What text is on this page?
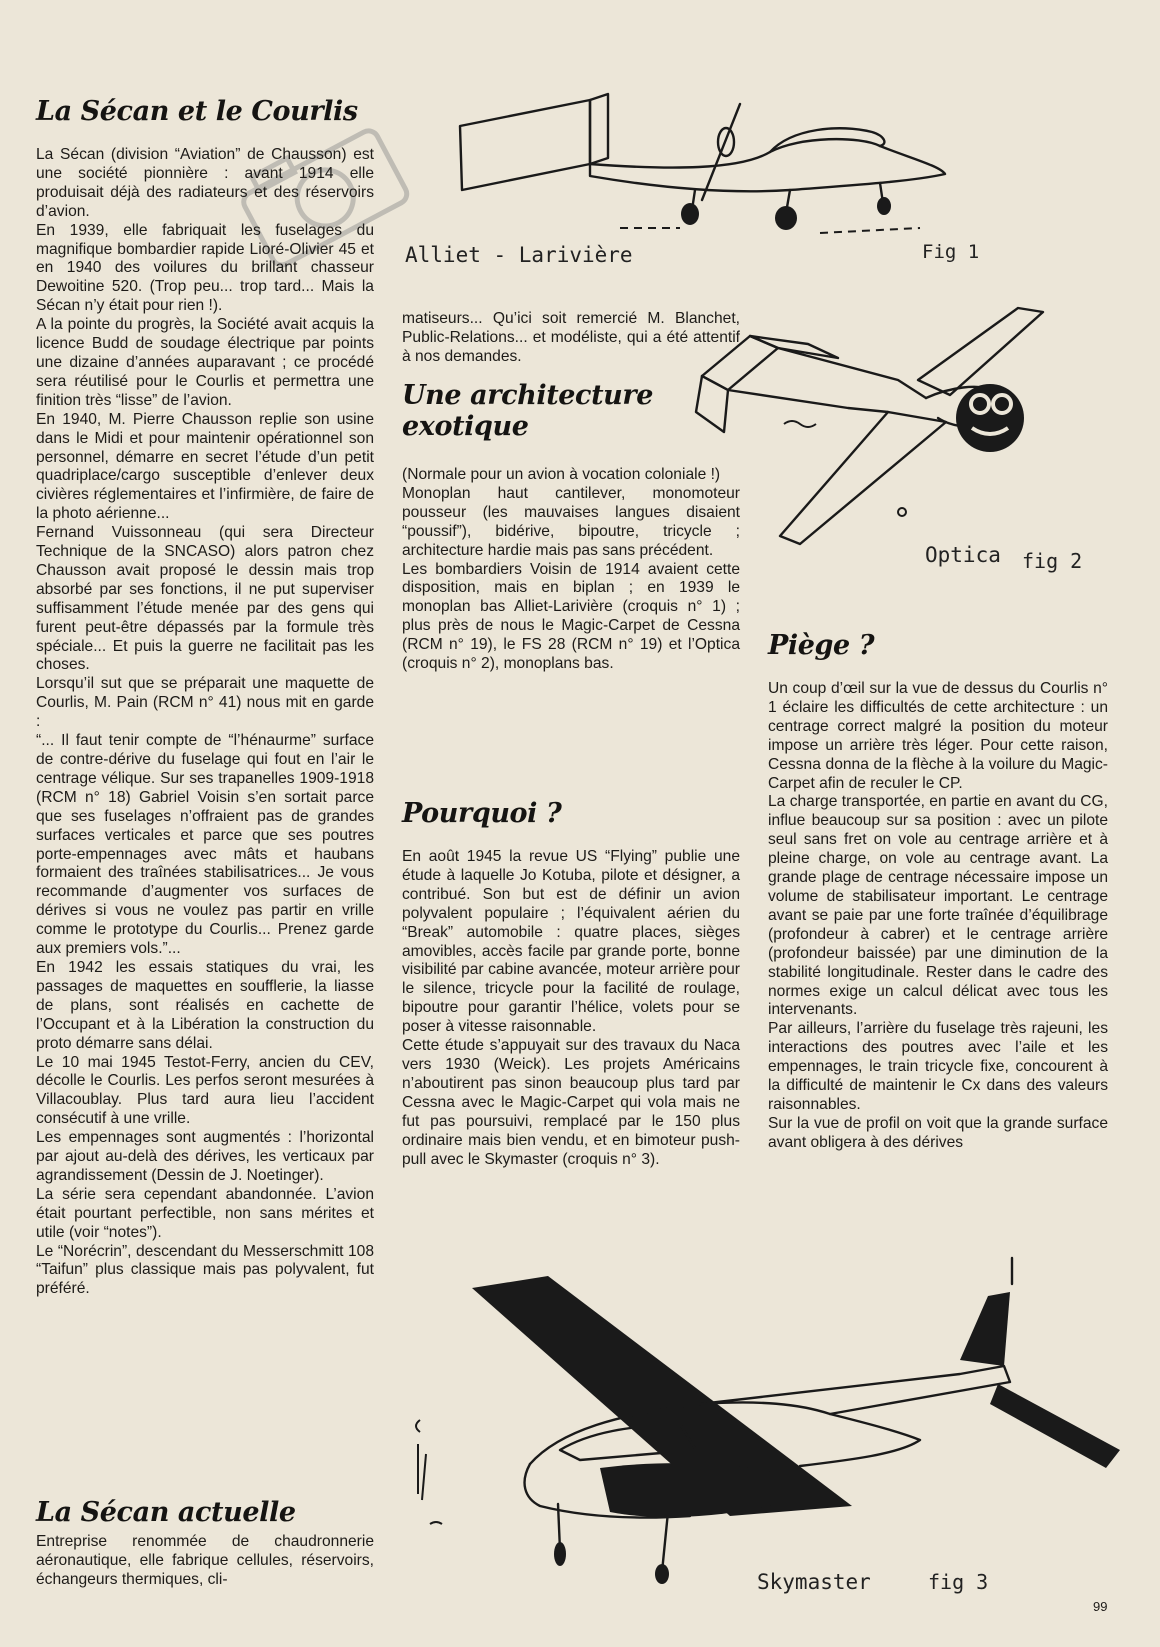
La Sécan et le Courlis

La Sécan (division “Aviation” de Chausson) est une société pionnière : avant 1914 elle produisait déjà des radiateurs et des réservoirs d’avion.

En 1939, elle fabriquait les fuselages du magnifique bombardier rapide Lioré-Olivier 45 et en 1940 des voilures du brillant chasseur Dewoitine 520. (Trop peu... trop tard... Mais la Sécan n’y était pour rien !).

A la pointe du progrès, la Société avait acquis la licence Budd de soudage électrique par points une dizaine d’années auparavant ; ce procédé sera réutilisé pour le Courlis et permettra une finition très “lisse” de l’avion.

En 1940, M. Pierre Chausson replie son usine dans le Midi et pour maintenir opérationnel son personnel, démarre en secret l’étude d’un petit quadriplace/cargo susceptible d’enlever deux civières réglementaires et l’infirmière, de faire de la photo aérienne...

Fernand Vuissonneau (qui sera Directeur Technique de la SNCASO) alors patron chez Chausson avait proposé le dessin mais trop absorbé par ses fonctions, il ne put superviser suffisamment l’étude menée par des gens qui furent peut-être dépassés par la formule très spéciale... Et puis la guerre ne facilitait pas les choses.

Lorsqu’il sut que se préparait une maquette de Courlis, M. Pain (RCM n° 41) nous mit en garde :

“... Il faut tenir compte de “l’hénaurme” surface de contre-dérive du fuselage qui fout en l’air le centrage vélique. Sur ses trapanelles 1909-1918 (RCM n° 18) Gabriel Voisin s’en sortait parce que ses fuselages n’offraient pas de grandes surfaces verticales et parce que ses poutres porte-empennages avec mâts et haubans formaient des traînées stabilisatrices... Je vous recommande d’augmenter vos surfaces de dérives si vous ne voulez pas partir en vrille comme le prototype du Courlis... Prenez garde aux premiers vols.”...

En 1942 les essais statiques du vrai, les passages de maquettes en soufflerie, la liasse de plans, sont réalisés en cachette de l’Occupant et à la Libération la construction du proto démarre sans délai.

Le 10 mai 1945 Testot-Ferry, ancien du CEV, décolle le Courlis. Les perfos seront mesurées à Villacoublay. Plus tard aura lieu l’accident consécutif à une vrille.

Les empennages sont augmentés : l’horizontal par ajout au-delà des dérives, les verticaux par agrandissement (Dessin de J. Noetinger).

La série sera cependant abandonnée. L’avion était pourtant perfectible, non sans mérites et utile (voir “notes”).

Le “Norécrin”, descendant du Messerschmitt 108 “Taifun” plus classique mais pas polyvalent, fut préféré.

La Sécan actuelle

Entreprise renommée de chaudronnerie aéronautique, elle fabrique cellules, réservoirs, échangeurs thermiques, cli-

matiseurs... Qu’ici soit remercié M. Blanchet, Public-Relations... et modéliste, qui a été attentif à nos demandes.

Une architecture
exotique

(Normale pour un avion à vocation coloniale !)

Monoplan haut cantilever, monomoteur pousseur (les mauvaises langues disaient “poussif”), bidérive, bipoutre, tricycle ; architecture hardie mais pas sans précédent.

Les bombardiers Voisin de 1914 avaient cette disposition, mais en biplan ; en 1939 le monoplan bas Alliet-Larivière (croquis n° 1) ; plus près de nous le Magic-Carpet de Cessna (RCM n° 19), le FS 28 (RCM n° 19) et l’Optica (croquis n° 2), monoplans bas.

Pourquoi ?

En août 1945 la revue US “Flying” publie une étude à laquelle Jo Kotuba, pilote et désigner, a contribué. Son but est de définir un avion polyvalent populaire ; l’équivalent aérien du “Break” automobile : quatre places, sièges amovibles, accès facile par grande porte, bonne visibilité par cabine avancée, moteur arrière pour le silence, tricycle pour la facilité de roulage, bipoutre pour garantir l’hélice, volets pour se poser à vitesse raisonnable.

Cette étude s’appuyait sur des travaux du Naca vers 1930 (Weick). Les projets Américains n’aboutirent pas sinon beaucoup plus tard par Cessna avec le Magic-Carpet qui vola mais ne fut pas poursuivi, remplacé par le 150 plus ordinaire mais bien vendu, et en bimoteur push-pull avec le Skymaster (croquis n° 3).

Piège ?

Un coup d’œil sur la vue de dessus du Courlis n° 1 éclaire les difficultés de cette architecture : un centrage correct malgré la position du moteur impose un arrière très léger. Pour cette raison, Cessna donna de la flèche à la voilure du Magic-Carpet afin de reculer le CP.

La charge transportée, en partie en avant du CG, influe beaucoup sur sa position : avec un pilote seul sans fret on vole au centrage arrière et à pleine charge, on vole au centrage avant. La grande plage de centrage nécessaire impose un volume de stabilisateur important. Le centrage avant se paie par une forte traînée d’équilibrage (profondeur à cabrer) et le centrage arrière (profondeur baissée) par une diminution de la stabilité longitudinale. Rester dans le cadre des normes exige un calcul délicat avec tous les intervenants.

Par ailleurs, l’arrière du fuselage très rajeuni, les interactions des poutres avec l’aile et les empennages, le train tricycle fixe, concourent à la difficulté de maintenir le Cx dans des valeurs raisonnables.

Sur la vue de profil on voit que la grande surface avant obligera à des dérives

Alliet - Larivière	Fig 1
Optica fig 2
Skymaster	fig 3
99
